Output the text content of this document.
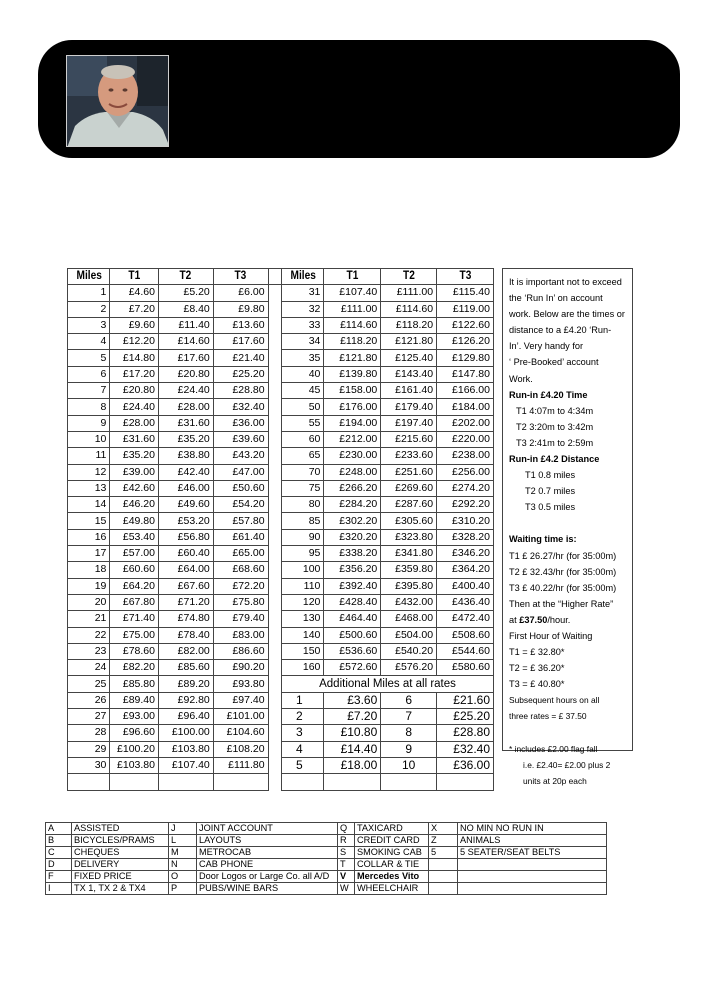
Miles	T1	T2	T3		Miles	T1	T2	T3
1	£4.60	£5.20	£6.00		31	£107.40	£111.00	£115.40
2	£7.20	£8.40	£9.80		32	£111.00	£114.60	£119.00
3	£9.60	£11.40	£13.60		33	£114.60	£118.20	£122.60
4	£12.20	£14.60	£17.60		34	£118.20	£121.80	£126.20
5	£14.80	£17.60	£21.40		35	£121.80	£125.40	£129.80
6	£17.20	£20.80	£25.20		40	£139.80	£143.40	£147.80
7	£20.80	£24.40	£28.80		45	£158.00	£161.40	£166.00
8	£24.40	£28.00	£32.40		50	£176.00	£179.40	£184.00
9	£28.00	£31.60	£36.00		55	£194.00	£197.40	£202.00
10	£31.60	£35.20	£39.60		60	£212.00	£215.60	£220.00
11	£35.20	£38.80	£43.20		65	£230.00	£233.60	£238.00
12	£39.00	£42.40	£47.00		70	£248.00	£251.60	£256.00
13	£42.60	£46.00	£50.60		75	£266.20	£269.60	£274.20
14	£46.20	£49.60	£54.20		80	£284.20	£287.60	£292.20
15	£49.80	£53.20	£57.80		85	£302.20	£305.60	£310.20
16	£53.40	£56.80	£61.40		90	£320.20	£323.80	£328.20
17	£57.00	£60.40	£65.00		95	£338.20	£341.80	£346.20
18	£60.60	£64.00	£68.60		100	£356.20	£359.80	£364.20
19	£64.20	£67.60	£72.20		110	£392.40	£395.80	£400.40
20	£67.80	£71.20	£75.80		120	£428.40	£432.00	£436.40
21	£71.40	£74.80	£79.40		130	£464.40	£468.00	£472.40
22	£75.00	£78.40	£83.00		140	£500.60	£504.00	£508.60
23	£78.60	£82.00	£86.60		150	£536.60	£540.20	£544.60
24	£82.20	£85.60	£90.20		160	£572.60	£576.20	£580.60
25	£85.80	£89.20	£93.80		Additional Miles at all rates			
26	£89.40	£92.80	£97.40		1	£3.60	6	£21.60
27	£93.00	£96.40	£101.00		2	£7.20	7	£25.20
28	£96.60	£100.00	£104.60		3	£10.80	8	£28.80
29	£100.20	£103.80	£108.20		4	£14.40	9	£32.40
30	£103.80	£107.40	£111.80		5	£18.00	10	£36.00

It is important not to exceed
the ‘Run In’ on account
work. Below are the times or
distance to a £4.20 ‘Run-
In’. Very handy for
‘ Pre-Booked’ account
Work.
Run-in £4.20 Time
T1 4:07m to 4:34m
T2 3:20m to 3:42m
T3 2:41m to 2:59m
Run-in £4.2 Distance
T1 0.8 miles
T2 0.7 miles
T3 0.5 miles
Waiting time is:
T1 £ 26.27/hr (for 35:00m)
T2 £ 32.43/hr (for 35:00m)
T3 £ 40.22/hr (for 35:00m)
Then at the “Higher Rate”
at £37.50/hour.
First Hour of Waiting
T1 = £ 32.80*
T2 = £ 36.20*
T3 = £ 40.80*
Subsequent hours on all
three rates = £ 37.50
* includes £2.00 flag fall
i.e. £2.40= £2.00 plus 2
units at 20p each
A	ASSISTED	J	JOINT ACCOUNT	Q	TAXICARD	X	NO MIN NO RUN IN
B	BICYCLES/PRAMS	L	LAYOUTS	R	CREDIT CARD	Z	ANIMALS
C	CHEQUES	M	METROCAB	S	SMOKING CAB	5	5 SEATER/SEAT BELTS
D	DELIVERY	N	CAB PHONE	T	COLLAR & TIE		
F	FIXED PRICE	O	Door Logos or Large Co. all A/D	V	Mercedes Vito		
I	TX 1, TX 2 & TX4	P	PUBS/WINE BARS	W	WHEELCHAIR		
